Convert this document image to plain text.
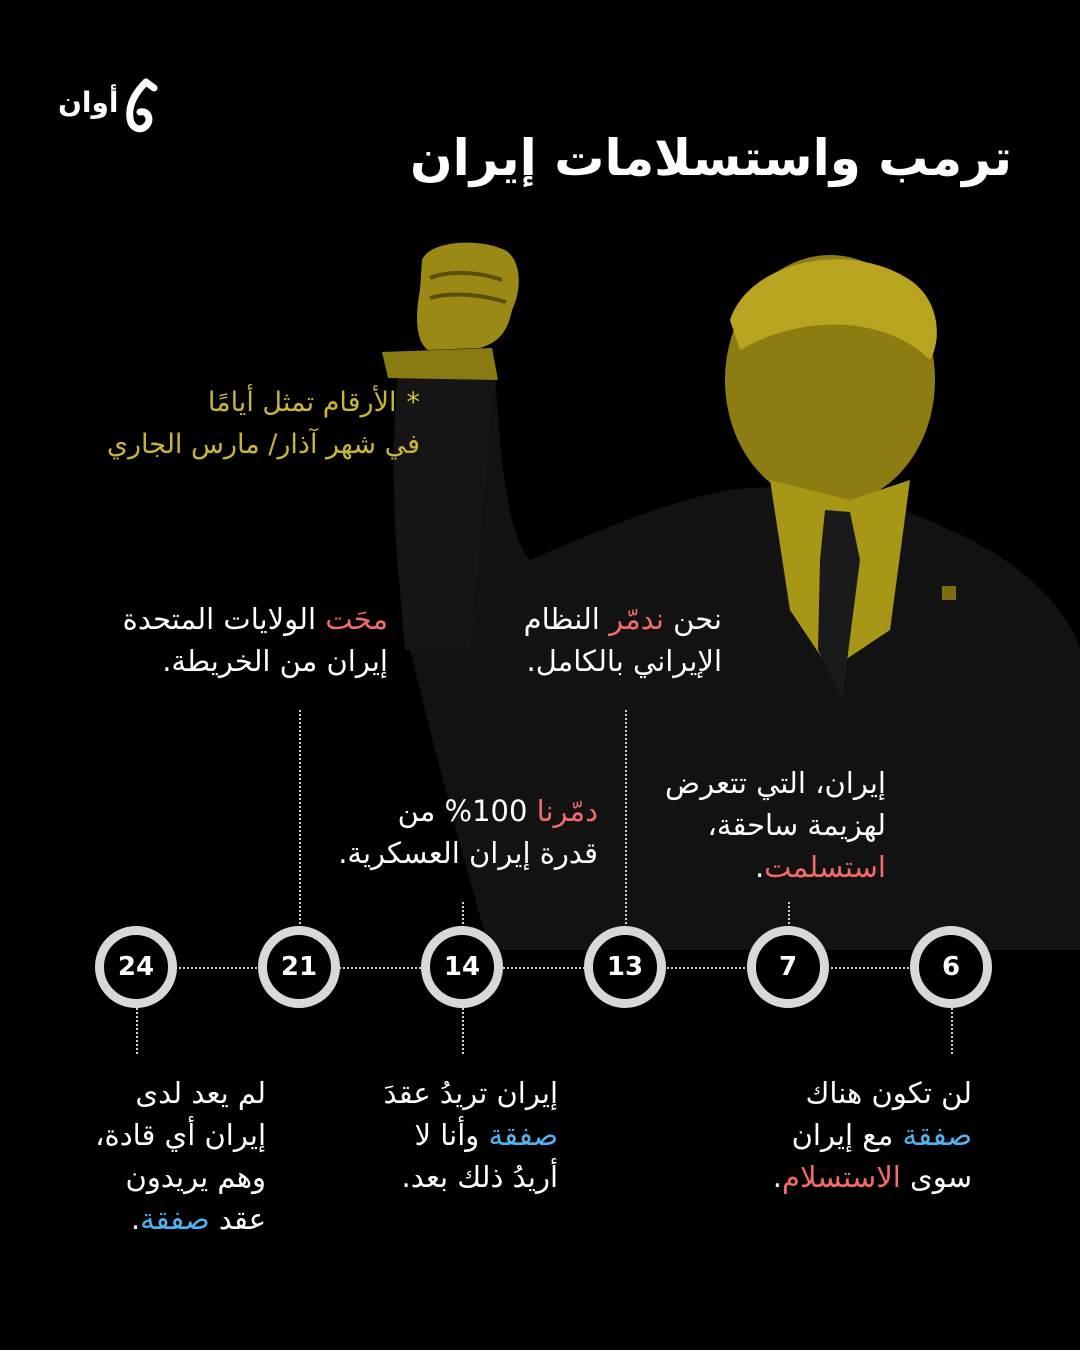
أوان
ترمب واستسلامات إيران
*الأرقام تمثل أيامًا
في شهر آذار/ مارس الجاري
نحن ندمّر النظام
الإيراني بالكامل.
محَت الولايات المتحدة
إيران من الخريطة.
إيران، التي تتعرض
لهزيمة ساحقة،
استسلمت.
دمّرنا 100% من
قدرة إيران العسكرية.
6
7
13
14
21
24
لن تكون هناك
صفقة مع إيران
سوى الاستسلام.
إيران تريدُ عقدَ
صفقة وأنا لا
أريدُ ذلك بعد.
لم يعد لدى
إيران أي قادة،
وهم يريدون
عقد صفقة.
